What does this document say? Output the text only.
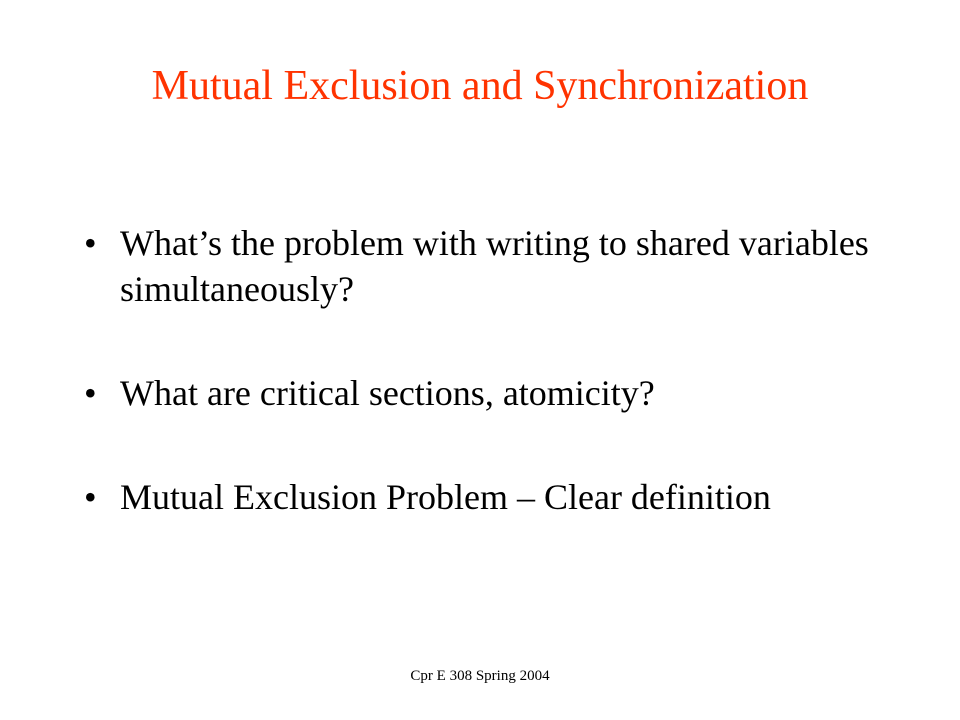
Mutual Exclusion and Synchronization
• What’s the problem with writing to shared variables simultaneously?
• What are critical sections, atomicity?
• Mutual Exclusion Problem – Clear definition
Cpr E 308 Spring 2004
